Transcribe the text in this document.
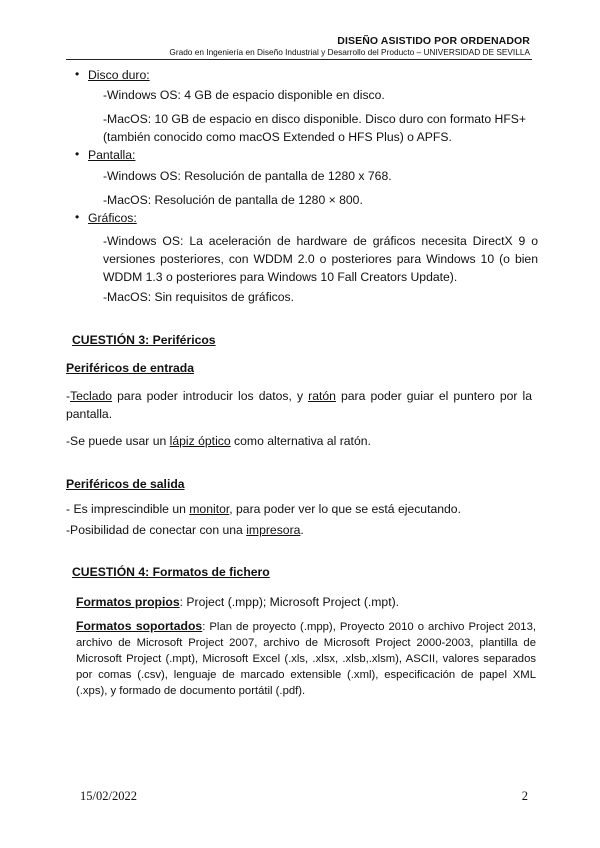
DISEÑO ASISTIDO POR ORDENADOR
Grado en Ingeniería en Diseño Industrial y Desarrollo del Producto – UNIVERSIDAD DE SEVILLA
• Disco duro:
-Windows OS: 4 GB de espacio disponible en disco.
-MacOS: 10 GB de espacio en disco disponible. Disco duro con formato HFS+ (también conocido como macOS Extended o HFS Plus) o APFS.
• Pantalla:
-Windows OS: Resolución de pantalla de 1280 x 768.
-MacOS: Resolución de pantalla de 1280 × 800.
• Gráficos:
-Windows OS: La aceleración de hardware de gráficos necesita DirectX 9 o versiones posteriores, con WDDM 2.0 o posteriores para Windows 10 (o bien WDDM 1.3 o posteriores para Windows 10 Fall Creators Update).
-MacOS: Sin requisitos de gráficos.
CUESTIÓN 3: Periféricos
Periféricos de entrada
-Teclado para poder introducir los datos, y ratón para poder guiar el puntero por la pantalla.
-Se puede usar un lápiz óptico como alternativa al ratón.
Periféricos de salida
- Es imprescindible un monitor, para poder ver lo que se está ejecutando.
-Posibilidad de conectar con una impresora.
CUESTIÓN 4: Formatos de fichero
Formatos propios: Project (.mpp); Microsoft Project (.mpt).
Formatos soportados: Plan de proyecto (.mpp), Proyecto 2010 o archivo Project 2013, archivo de Microsoft Project 2007, archivo de Microsoft Project 2000-2003, plantilla de Microsoft Project (.mpt), Microsoft Excel (.xls, .xlsx, .xlsb,.xlsm), ASCII, valores separados por comas (.csv), lenguaje de marcado extensible (.xml), especificación de papel XML (.xps), y formado de documento portátil (.pdf).
15/02/2022	2
